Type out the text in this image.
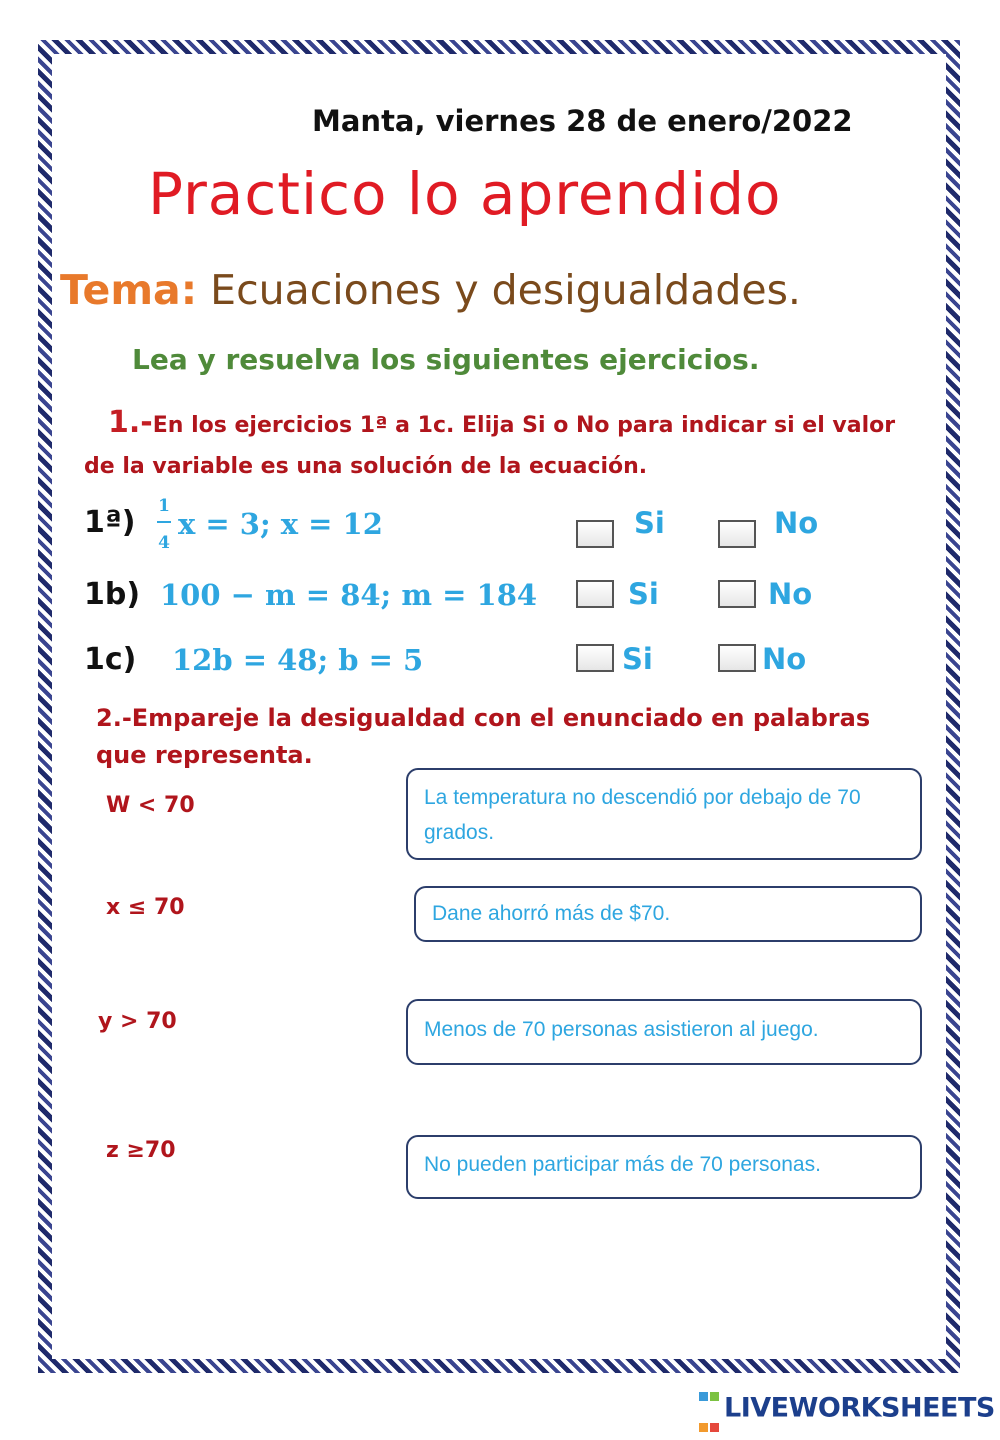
Manta, viernes 28 de enero/2022
Practico lo aprendido
Tema: Ecuaciones y desigualdades.
Lea y resuelva los siguientes ejercicios.
1.-En los ejercicios 1ª a 1c. Elija Si o No para indicar si el valor de la variable es una solución de la ecuación.
1ª) 1
4
x = 3; x = 12	Si	No
1b) 100 − m = 84; m = 184	Si	No
1c) 12b = 48; b = 5	Si	No
2.-Empareje la desigualdad con el enunciado en palabras que representa.
W < 70
x ≤ 70
y > 70
z ≥70
La temperatura no descendió por debajo de 70 grados.
Dane ahorró más de $70.
Menos de 70 personas asistieron al juego.
No pueden participar más de 70 personas.

LIVEWORKSHEETS
